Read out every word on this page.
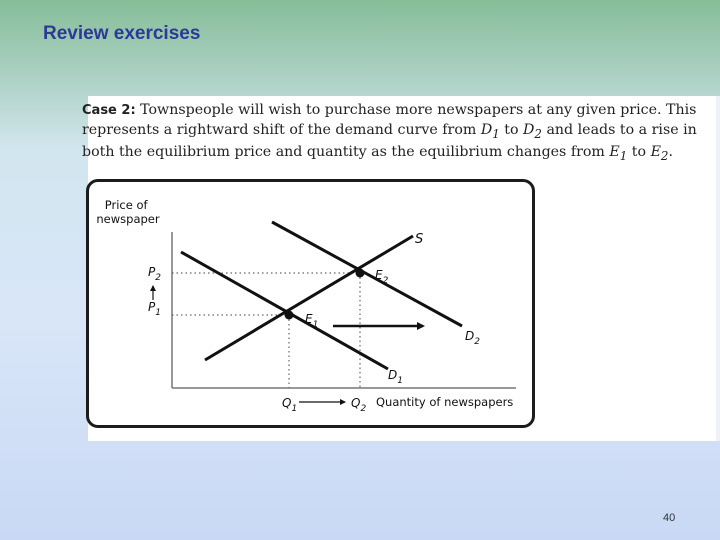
Review exercises
Case 2: Townspeople will wish to purchase more newspapers at any given price. This represents a rightward shift of the demand curve from $D_1$ to $D_2$ and leads to a rise in both the equilibrium price and quantity as the equilibrium changes from $E_1$ to $E_2$.
Price of newspaper
Quantity of newspapers
S
$D_1$
$D_2$
$E_1$
$E_2$
$P_2$
$P_1$
$Q_1$	$Q_2$
40
